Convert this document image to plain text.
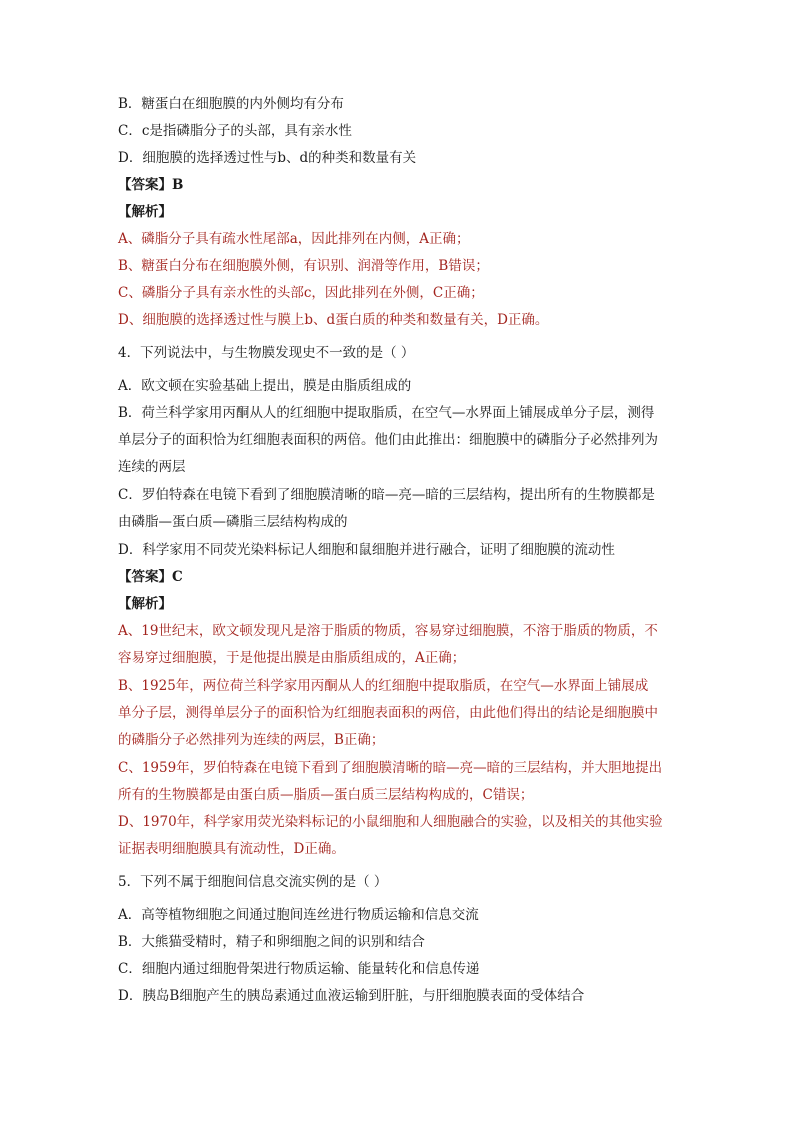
B．糖蛋白在细胞膜的内外侧均有分布
C．c是指磷脂分子的头部，具有亲水性
D．细胞膜的选择透过性与b、d的种类和数量有关
【答案】B
【解析】
A、磷脂分子具有疏水性尾部a，因此排列在内侧，A正确；
B、糖蛋白分布在细胞膜外侧，有识别、润滑等作用，B错误；
C、磷脂分子具有亲水性的头部c，因此排列在外侧，C正确；
D、细胞膜的选择透过性与膜上b、d蛋白质的种类和数量有关，D正确。
4．下列说法中，与生物膜发现史不一致的是（ ）
A．欧文顿在实验基础上提出，膜是由脂质组成的
B．荷兰科学家用丙酮从人的红细胞中提取脂质，在空气—水界面上铺展成单分子层，测得
单层分子的面积恰为红细胞表面积的两倍。他们由此推出：细胞膜中的磷脂分子必然排列为
连续的两层
C．罗伯特森在电镜下看到了细胞膜清晰的暗—亮—暗的三层结构，提出所有的生物膜都是
由磷脂—蛋白质—磷脂三层结构构成的
D．科学家用不同荧光染料标记人细胞和鼠细胞并进行融合，证明了细胞膜的流动性
【答案】C
【解析】
A、19世纪末，欧文顿发现凡是溶于脂质的物质，容易穿过细胞膜，不溶于脂质的物质，不
容易穿过细胞膜，于是他提出膜是由脂质组成的，A正确；
B、1925年，两位荷兰科学家用丙酮从人的红细胞中提取脂质，在空气—水界面上铺展成
单分子层，测得单层分子的面积恰为红细胞表面积的两倍，由此他们得出的结论是细胞膜中
的磷脂分子必然排列为连续的两层，B正确；
C、1959年，罗伯特森在电镜下看到了细胞膜清晰的暗—亮—暗的三层结构，并大胆地提出
所有的生物膜都是由蛋白质—脂质—蛋白质三层结构构成的，C错误；
D、1970年，科学家用荧光染料标记的小鼠细胞和人细胞融合的实验，以及相关的其他实验
证据表明细胞膜具有流动性，D正确。
5．下列不属于细胞间信息交流实例的是（ ）
A．高等植物细胞之间通过胞间连丝进行物质运输和信息交流
B．大熊猫受精时，精子和卵细胞之间的识别和结合
C．细胞内通过细胞骨架进行物质运输、能量转化和信息传递
D．胰岛B细胞产生的胰岛素通过血液运输到肝脏，与肝细胞膜表面的受体结合
